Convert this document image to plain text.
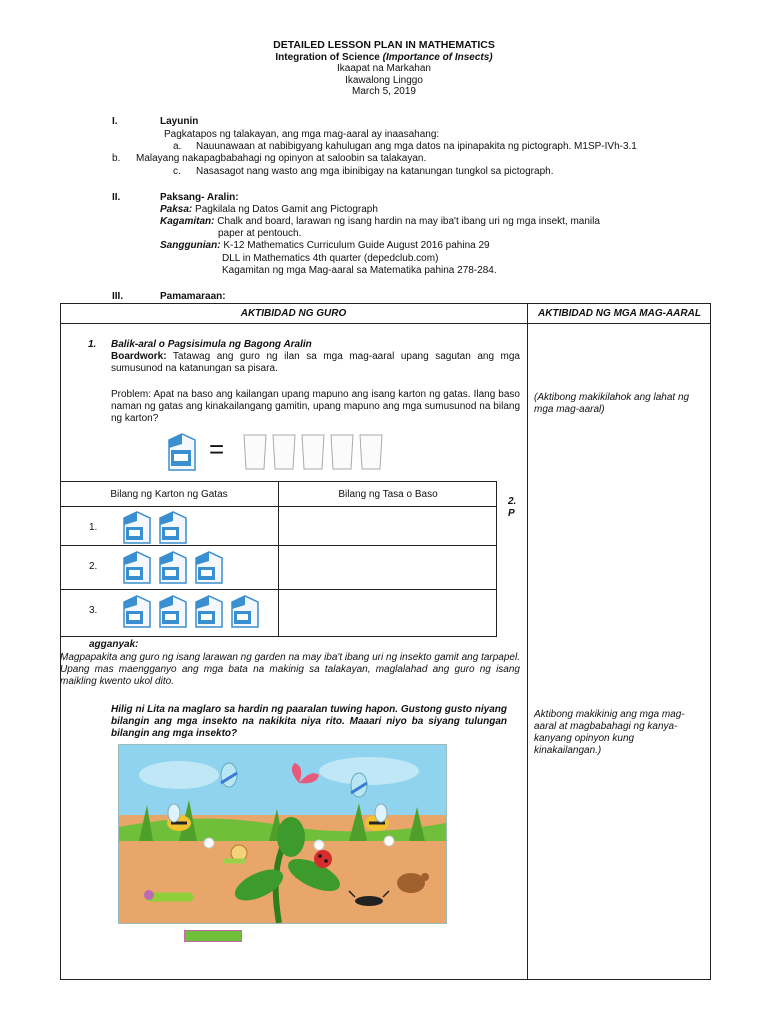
DETAILED LESSON PLAN IN MATHEMATICS
Integration of Science (Importance of Insects)
Ikaapat na Markahan
Ikawalong Linggo
March 5, 2019
I.	Layunin
Pagkatapos ng talakayan, ang mga mag-aaral ay inaasahang:
a. Nauunawaan at nabibigyang kahulugan ang mga datos na ipinapakita ng pictograph. M1SP-IVh-3.1
b. Malayang nakapagbabahagi ng opinyon at saloobin sa talakayan.
c. Nasasagot nang wasto ang mga ibinibigay na katanungan tungkol sa pictograph.
II.	Paksang- Aralin:
Paksa: Pagkilala ng Datos Gamit ang Pictograph
Kagamitan: Chalk and board, larawan ng isang hardin na may iba't ibang uri ng mga insekt, manila
paper at pentouch.
Sanggunian: K-12 Mathematics Curriculum Guide August 2016 pahina 29
DLL in Mathematics 4th quarter (depedclub.com)
Kagamitan ng mga Mag-aaral sa Matematika pahina 278-284.
III.	Pamamaraan:
AKTIBIDAD NG GURO	AKTIBIDAD NG MGA MAG-AARAL
1. Balik-aral o Pagsisimula ng Bagong Aralin
Boardwork: Tatawag ang guro ng ilan sa mga mag-aaral upang sagutan ang mga sumusunod na katanungan sa pisara.
Problem: Apat na baso ang kailangan upang mapuno ang isang karton ng gatas. Ilang baso naman ng gatas ang kinakailangang gamitin, upang mapuno ang mga sumusunod na bilang ng karton?
=
Bilang ng Karton ng Gatas	Bilang ng Tasa o Baso
1.
2.
3.
2.
P
agganyak:
Magpapakita ang guro ng isang larawan ng garden na may iba't ibang uri ng insekto gamit ang tarpapel. Upang mas maengganyo ang mga bata na makinig sa talakayan, maglalahad ang guro ng isang maikling kwento ukol dito.
Hilig ni Lita na maglaro sa hardin ng paaralan tuwing hapon. Gustong gusto niyang bilangin ang mga insekto na nakikita niya rito. Maaari niyo ba siyang tulungan bilangin ang mga insekto?
(Aktibong makikilahok ang lahat ng mga mag-aaral)
Aktibong makikinig ang mga mag-aaral at magbabahagi ng kanya-kanyang opinyon kung kinakailangan.)
